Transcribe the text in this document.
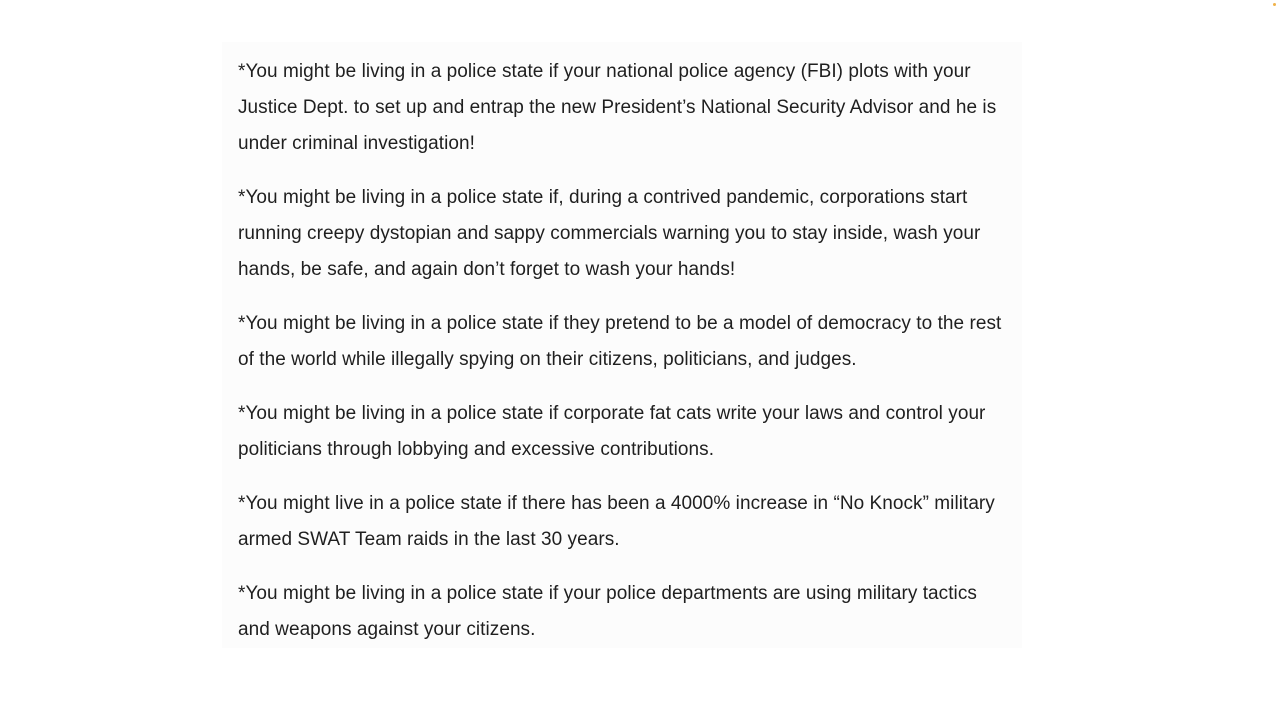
*You might be living in a police state if your national police agency (FBI) plots with your Justice Dept. to set up and entrap the new President’s National Security Advisor and he is under criminal investigation!

*You might be living in a police state if, during a contrived pandemic, corporations start running creepy dystopian and sappy commercials warning you to stay inside, wash your hands, be safe, and again don’t forget to wash your hands!

*You might be living in a police state if they pretend to be a model of democracy to the rest of the world while illegally spying on their citizens, politicians, and judges.

*You might be living in a police state if corporate fat cats write your laws and control your politicians through lobbying and excessive contributions.

*You might live in a police state if there has been a 4000% increase in “No Knock” military armed SWAT Team raids in the last 30 years.

*You might be living in a police state if your police departments are using military tactics and weapons against your citizens.
